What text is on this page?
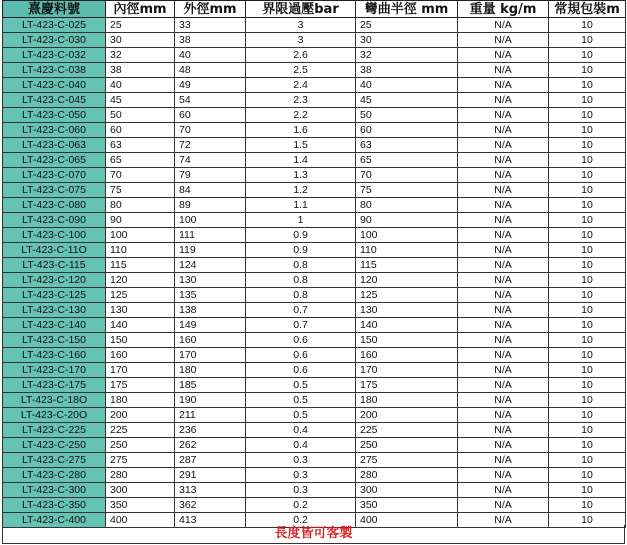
熹慶料號	內徑mm	外徑mm	界限過壓bar	彎曲半徑 mm	重量 kg/m	常規包裝m
LT-423-C-025	25	33	3	25	N/A	10
LT-423-C-030	30	38	3	30	N/A	10
LT-423-C-032	32	40	2.6	32	N/A	10
LT-423-C-038	38	48	2.5	38	N/A	10
LT-423-C-040	40	49	2.4	40	N/A	10
LT-423-C-045	45	54	2.3	45	N/A	10
LT-423-C-050	50	60	2.2	50	N/A	10
LT-423-C-060	60	70	1.6	60	N/A	10
LT-423-C-063	63	72	1.5	63	N/A	10
LT-423-C-065	65	74	1.4	65	N/A	10
LT-423-C-070	70	79	1.3	70	N/A	10
LT-423-C-075	75	84	1.2	75	N/A	10
LT-423-C-080	80	89	1.1	80	N/A	10
LT-423-C-090	90	100	1	90	N/A	10
LT-423-C-100	100	111	0.9	100	N/A	10
LT-423-C-11O	110	119	0.9	110	N/A	10
LT-423-C-115	115	124	0.8	115	N/A	10
LT-423-C-120	120	130	0.8	120	N/A	10
LT-423-C-125	125	135	0.8	125	N/A	10
LT-423-C-130	130	138	0.7	130	N/A	10
LT-423-C-140	140	149	0.7	140	N/A	10
LT-423-C-150	150	160	0.6	150	N/A	10
LT-423-C-160	160	170	0.6	160	N/A	10
LT-423-C-170	170	180	0.6	170	N/A	10
LT-423-C-175	175	185	0.5	175	N/A	10
LT-423-C-18O	180	190	0.5	180	N/A	10
LT-423-C-20O	200	211	0.5	200	N/A	10
LT-423-C-225	225	236	0.4	225	N/A	10
LT-423-C-250	250	262	0.4	250	N/A	10
LT-423-C-275	275	287	0.3	275	N/A	10
LT-423-C-280	280	291	0.3	280	N/A	10
LT-423-C-300	300	313	0.3	300	N/A	10
LT-423-C-350	350	362	0.2	350	N/A	10
LT-423-C-400	400	413	0.2	400	N/A	10
長度皆可客製
